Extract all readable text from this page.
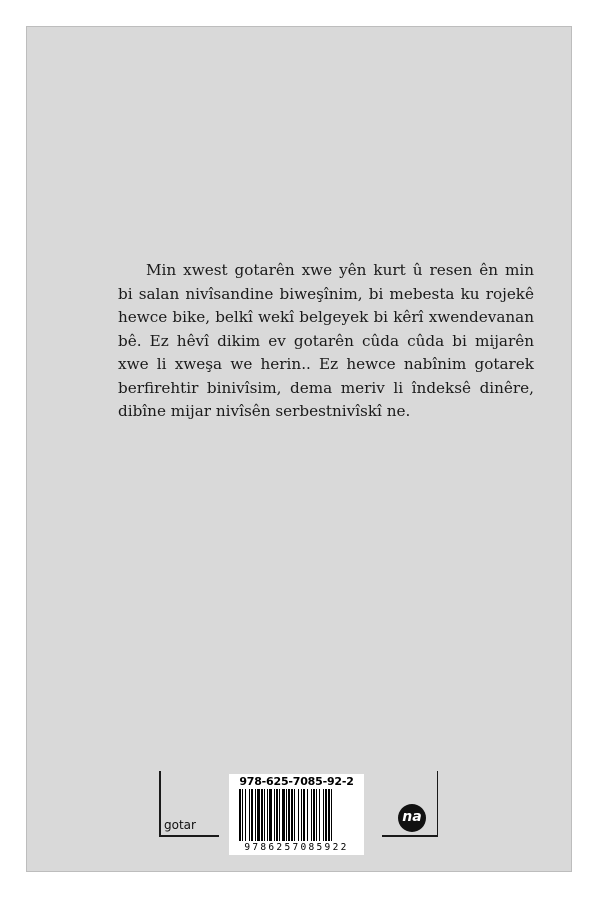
Min xwest gotarên xwe yên kurt û resen ên min bi salan nivîsandine biweşînim, bi mebesta ku rojekê hewce bike, belkî wekî belgeyek bi kêrî xwendevanan bê. Ez hêvî dikim ev gotarên cûda cûda bi mijarên xwe li xweşa we herin.. Ez hewce nabînim gotarek berfirehtir binivîsim, dema meriv li îndeksê dinêre, dibîne mijar nivîsên serbestnivîskî ne.

gotar
978-625-7085-92-2
9786257085922
na
